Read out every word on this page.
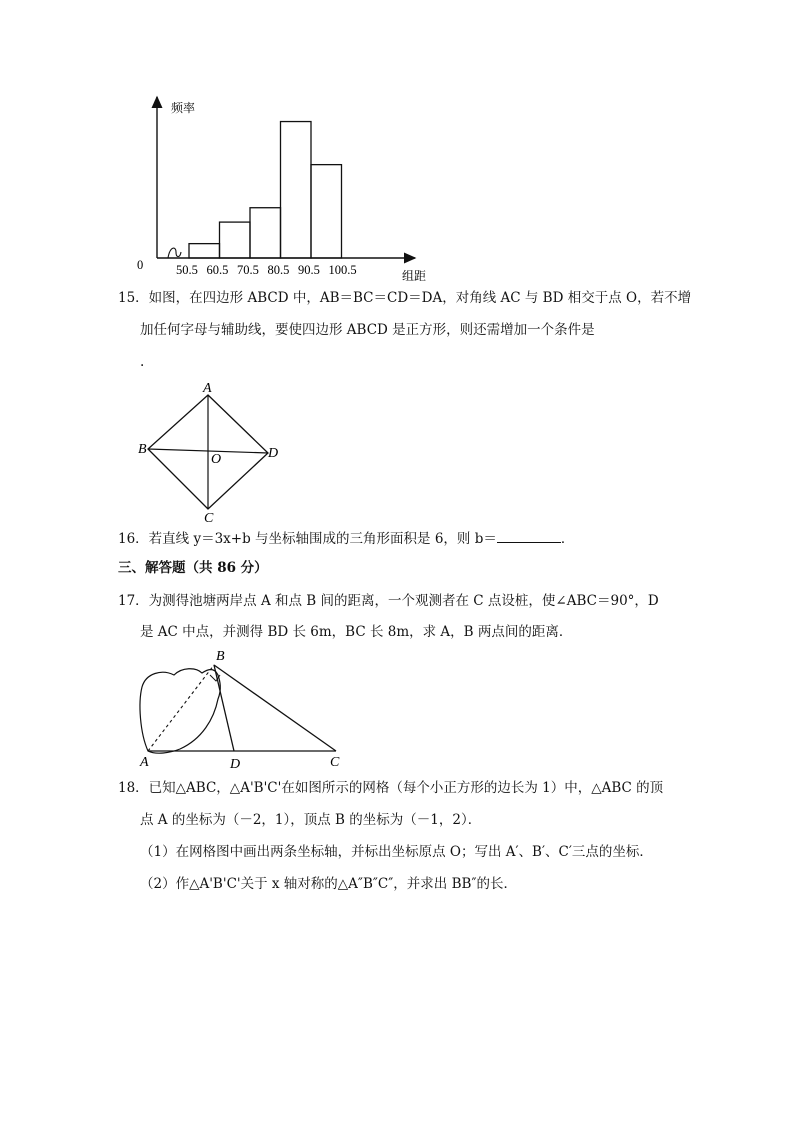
频率
组距
0	50.5 60.5 70.5 80.5 90.5 100.5
15．如图，在四边形 ABCD 中，AB＝BC＝CD＝DA，对角线 AC 与 BD 相交于点 O，若不增
加任何字母与辅助线，要使四边形 ABCD 是正方形，则还需增加一个条件是
.
A
B	D
C
O
16．若直线 y＝3x+b 与坐标轴围成的三角形面积是 6，则 b＝	．
三、解答题（共 86 分）
17．为测得池塘两岸点 A 和点 B 间的距离，一个观测者在 C 点设桩，使∠ABC＝90°，D
是 AC 中点，并测得 BD 长 6m，BC 长 8m，求 A，B 两点间的距离．
B
A	D	C
18．已知△ABC，△A'B'C'在如图所示的网格（每个小正方形的边长为 1）中，△ABC 的顶
点 A 的坐标为（－2，1），顶点 B 的坐标为（－1，2）．
（1）在网格图中画出两条坐标轴，并标出坐标原点 O；写出 A′、B′、C′三点的坐标．
（2）作△A'B'C'关于 x 轴对称的△A″B″C″，并求出 BB″的长．
